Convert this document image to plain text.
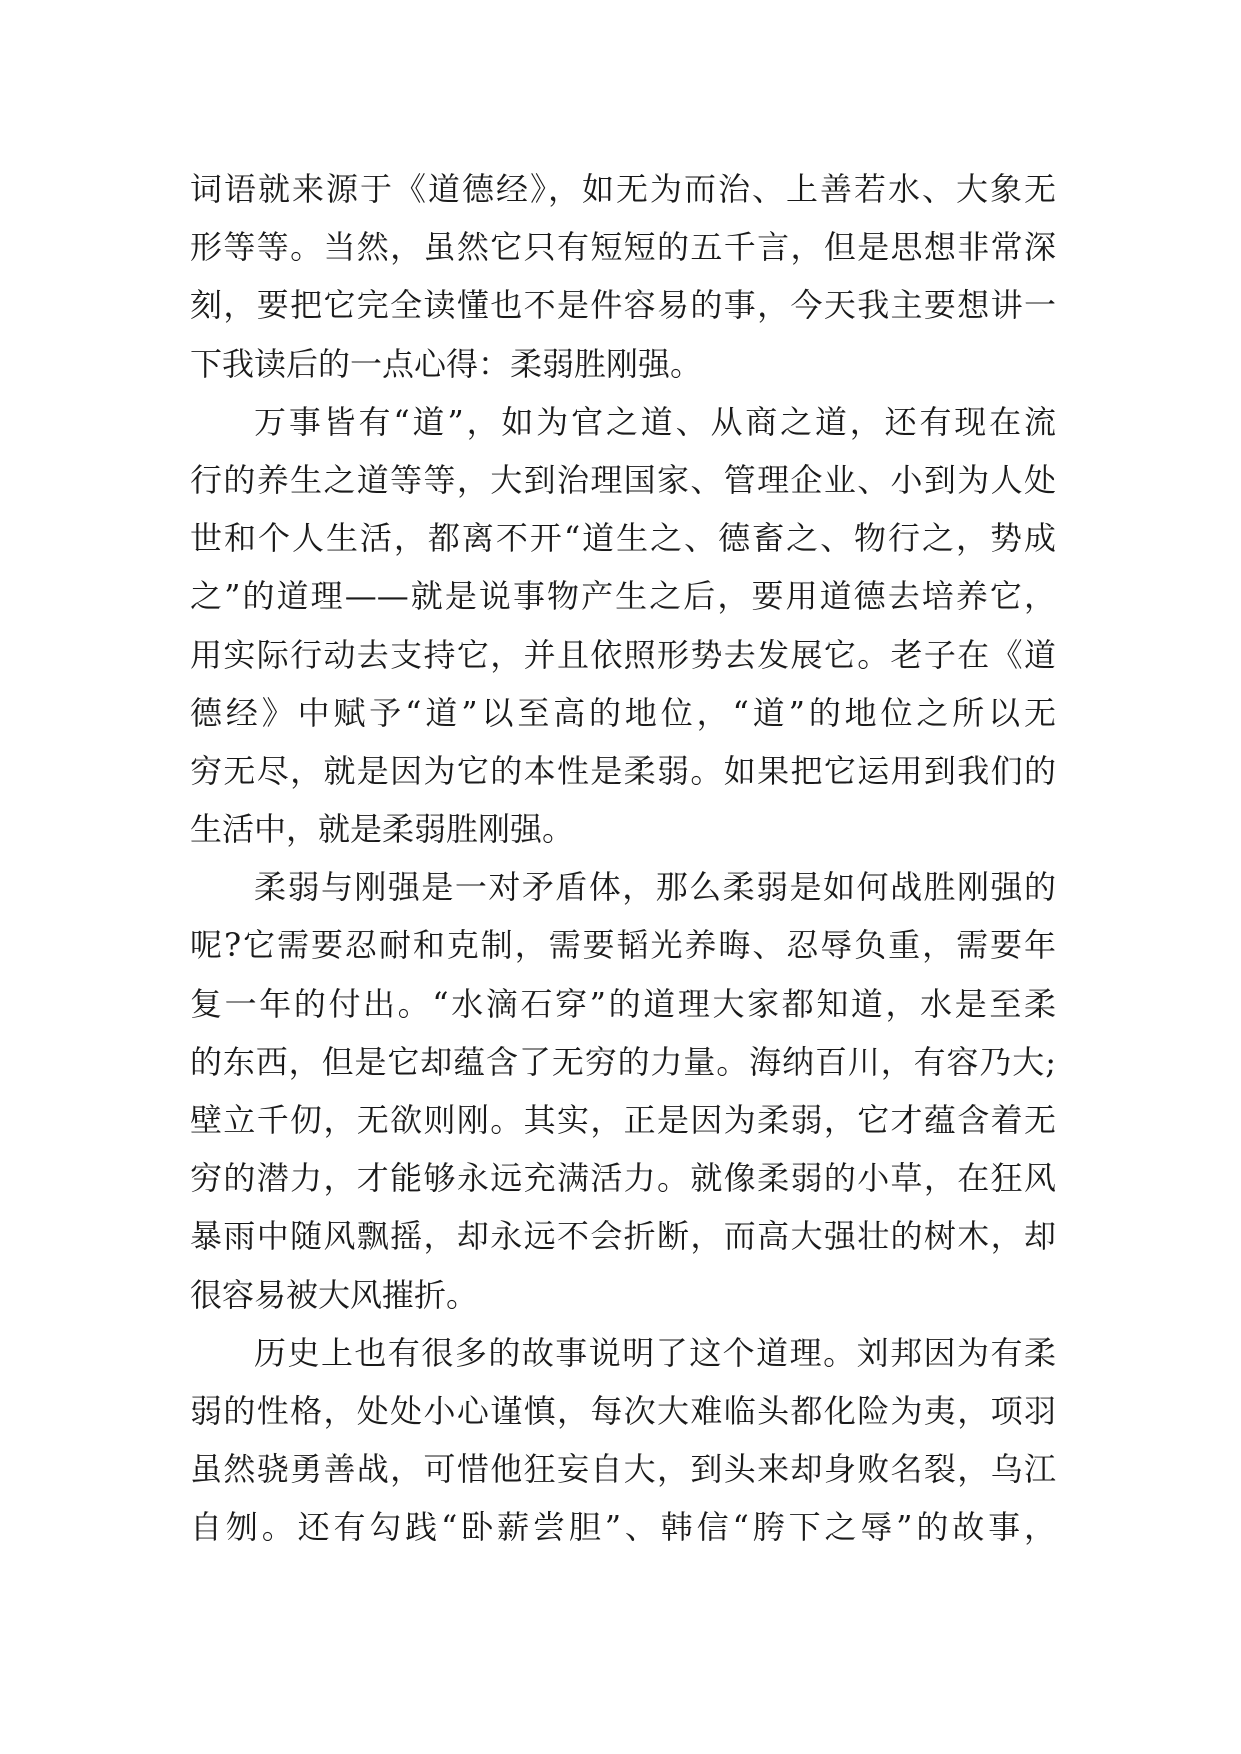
词语就来源于《道德经》，如无为而治、上善若水、大象无
形等等。当然，虽然它只有短短的五千言，但是思想非常深
刻，要把它完全读懂也不是件容易的事，今天我主要想讲一
下我读后的一点心得：柔弱胜刚强。
万事皆有“道”，如为官之道、从商之道，还有现在流
行的养生之道等等，大到治理国家、管理企业、小到为人处
世和个人生活，都离不开“道生之、德畜之、物行之，势成
之”的道理——就是说事物产生之后，要用道德去培养它，
用实际行动去支持它，并且依照形势去发展它。老子在《道
德经》中赋予“道”以至高的地位，“道”的地位之所以无
穷无尽，就是因为它的本性是柔弱。如果把它运用到我们的
生活中，就是柔弱胜刚强。
柔弱与刚强是一对矛盾体，那么柔弱是如何战胜刚强的
呢?它需要忍耐和克制，需要韬光养晦、忍辱负重，需要年
复一年的付出。“水滴石穿”的道理大家都知道，水是至柔
的东西，但是它却蕴含了无穷的力量。海纳百川，有容乃大;
壁立千仞，无欲则刚。其实，正是因为柔弱，它才蕴含着无
穷的潜力，才能够永远充满活力。就像柔弱的小草，在狂风
暴雨中随风飘摇，却永远不会折断，而高大强壮的树木，却
很容易被大风摧折。
历史上也有很多的故事说明了这个道理。刘邦因为有柔
弱的性格，处处小心谨慎，每次大难临头都化险为夷，项羽
虽然骁勇善战，可惜他狂妄自大，到头来却身败名裂，乌江
自刎。还有勾践“卧薪尝胆”、韩信“胯下之辱”的故事，
